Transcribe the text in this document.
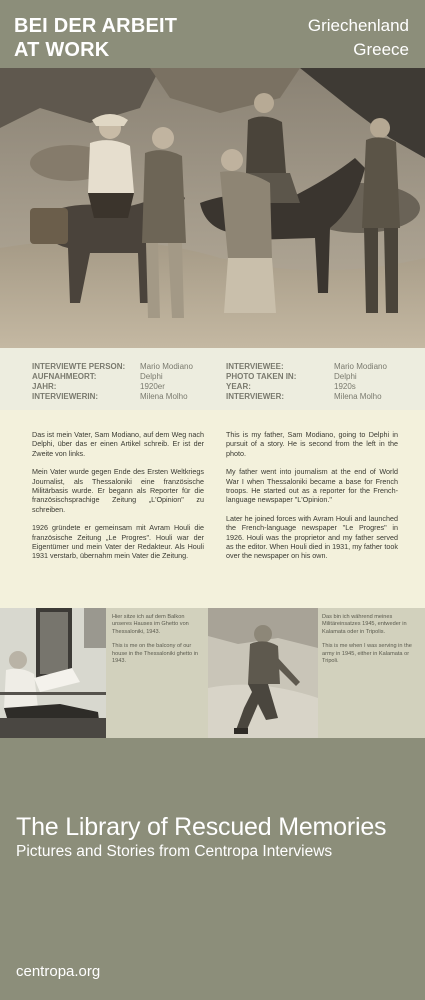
BEI DER ARBEIT
AT WORK
Griechenland
Greece
INTERVIEWTE PERSON: Mario Modiano
AUFNAHMEORT:	Delphi
JAHR:	1920er
INTERVIEWERIN:	Milena Molho
INTERVIEWEE:	Mario Modiano
PHOTO TAKEN IN:	Delphi
YEAR:	1920s
INTERVIEWER:	Milena Molho

Das ist mein Vater, Sam Modiano, auf dem Weg nach Delphi, über das er einen Artikel schreib. Er ist der Zweite von links.

Mein Vater wurde gegen Ende des Ersten Weltkriegs Journalist, als Thessaloniki eine französische Militärbasis wurde. Er begann als Reporter für die französischsprachige Zeitung „L'Opinion" zu schreiben.

1926 gründete er gemeinsam mit Avram Houli die französische Zeitung „Le Progres". Houli war der Eigentümer und mein Vater der Redakteur. Als Houli 1931 verstarb, übernahm mein Vater die Zeitung.

This is my father, Sam Modiano, going to Delphi in pursuit of a story. He is second from the left in the photo.

My father went into journalism at the end of World War I when Thessaloniki became a base for French troops. He started out as a reporter for the French-language newspaper "L'Opinion."

Later he joined forces with Avram Houli and launched the French-language newspaper "Le Progres" in 1926. Houli was the proprietor and my father served as the editor. When Houli died in 1931, my father took over the newspaper on his own.

Hier sitze ich auf dem Balkon unseres Hauses im Ghetto von Thessaloniki, 1943.

This is me on the balcony of our house in the Thessaloniki ghetto in 1943.

Das bin ich während meines Militäreinsatzes 1945, entweder in Kalamata oder in Tripolis.

This is me when I was serving in the army in 1945, either in Kalamata or Tripoli.

The Library of Rescued Memories
Pictures and Stories from Centropa Interviews
centropa.org
